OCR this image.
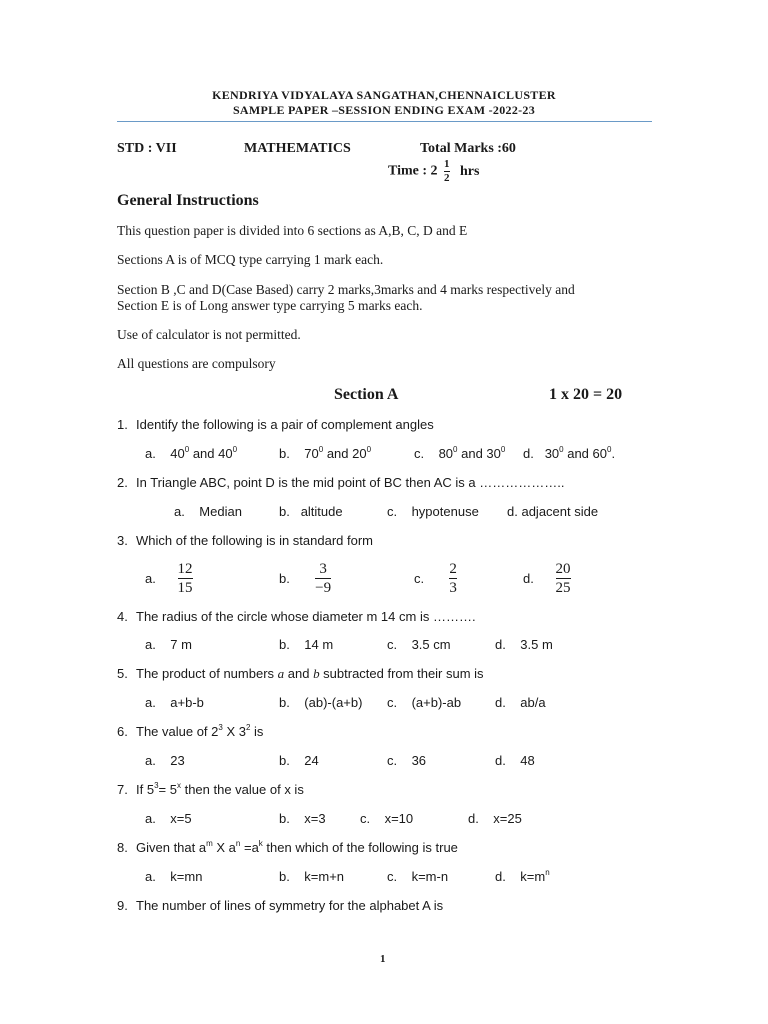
KENDRIYA VIDYALAYA SANGATHAN,CHENNAICLUSTER
SAMPLE PAPER –SESSION ENDING EXAM -2022-23
STD : VII	MATHEMATICS	Total Marks :60
Time : $2 \frac{1}{2}$ hrs
General Instructions
This question paper is divided into 6 sections as A,B, C, D and E
Sections A is of MCQ type carrying 1 mark each.
Section B ,C and D(Case Based) carry 2 marks,3marks and 4 marks respectively and
Section E is of Long answer type carrying 5 marks each.
Use of calculator is not permitted.
All questions are compulsory
Section A	1 x 20 = 20
1. Identify the following is a pair of complement angles
a. $40^0$ and $40^0$	b. $70^0$ and $20^0$	c. $80^0$ and $30^0$ d. $30^0$ and $60^0$.
2. In Triangle ABC, point D is the mid point of BC then AC is a ………………..
a. Median	b. altitude	c. hypotenuse d. adjacent side
3. Which of the following is in standard form
a. $\frac{12}{15}$	b. $\frac{3}{-9}$	c. $\frac{2}{3}$	d. $\frac{20}{25}$
4. The radius of the circle whose diameter m 14 cm is ……….
a. 7 m	b. 14 m	c. 3.5 cm	d. 3.5 m
5. The product of numbers a and b subtracted from their sum is
a. a+b-b	b. (ab)-(a+b) c. (a+b)-ab	d. ab/a
6. The value of $2^3$ X $3^2$ is
a. 23	b. 24	c. 36	d. 48
7. If $5^3= 5^x$ then the value of x is
a. x=5	b. x=3	c. x=10	d. x=25
8. Given that $a^m$ X $a^n =a^k$ then which of the following is true
a. k=mn	b. k=m+n	c. k=m-n	d. $k=m^n$
9. The number of lines of symmetry for the alphabet A is
1
